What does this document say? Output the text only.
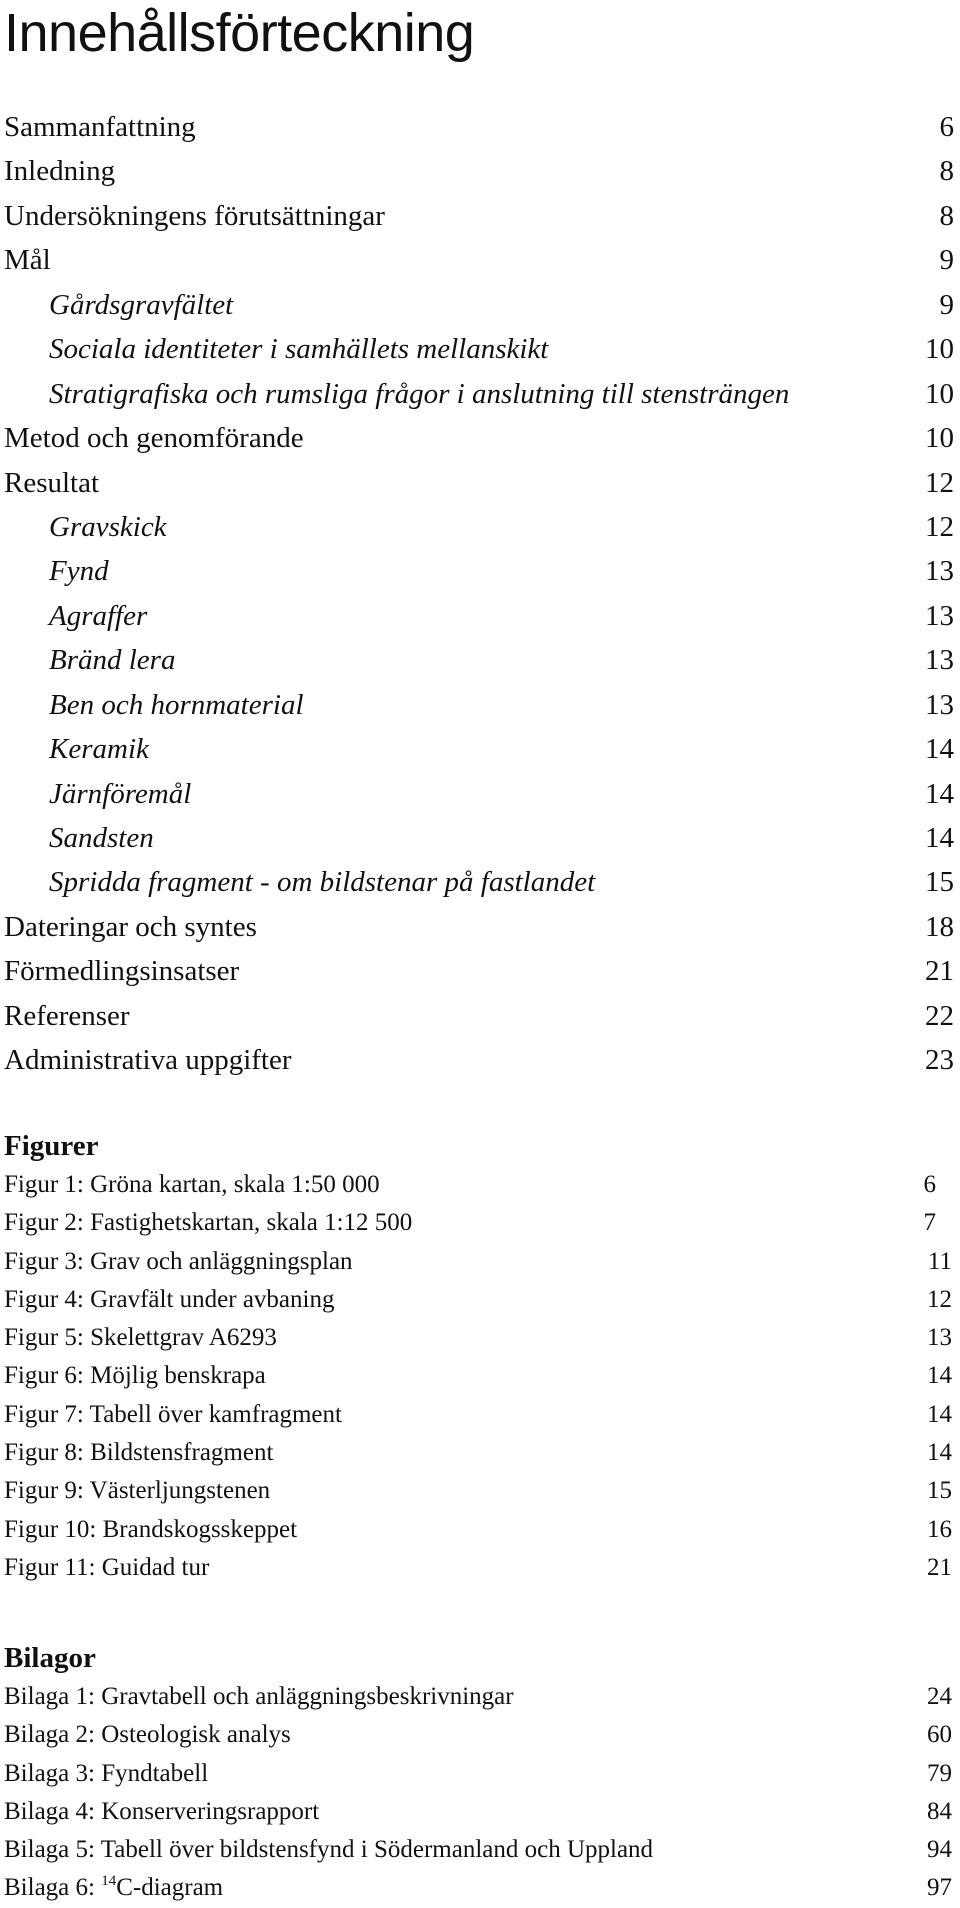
Innehållsförteckning
Sammanfattning	6
Inledning	8
Undersökningens förutsättningar	8
Mål	9
Gårdsgravfältet	9
Sociala identiteter i samhällets mellanskikt	10
Stratigrafiska och rumsliga frågor i anslutning till stensträngen	10
Metod och genomförande	10
Resultat	12
Gravskick	12
Fynd	13
Agraffer	13
Bränd lera	13
Ben och hornmaterial	13
Keramik	14
Järnföremål	14
Sandsten	14
Spridda fragment - om bildstenar på fastlandet	15
Dateringar och syntes	18
Förmedlingsinsatser	21
Referenser	22
Administrativa uppgifter	23
Figurer
Figur 1: Gröna kartan, skala 1:50 000	6
Figur 2: Fastighetskartan, skala 1:12 500	7
Figur 3: Grav och anläggningsplan	11
Figur 4: Gravfält under avbaning	12
Figur 5: Skelettgrav A6293	13
Figur 6: Möjlig benskrapa	14
Figur 7: Tabell över kamfragment	14
Figur 8: Bildstensfragment	14
Figur 9: Västerljungstenen	15
Figur 10: Brandskogsskeppet	16
Figur 11: Guidad tur	21
Bilagor
Bilaga 1: Gravtabell och anläggningsbeskrivningar	24
Bilaga 2: Osteologisk analys	60
Bilaga 3: Fyndtabell	79
Bilaga 4: Konserveringsrapport	84
Bilaga 5: Tabell över bildstensfynd i Södermanland och Uppland	94
Bilaga 6: $^{14}$C-diagram	97
